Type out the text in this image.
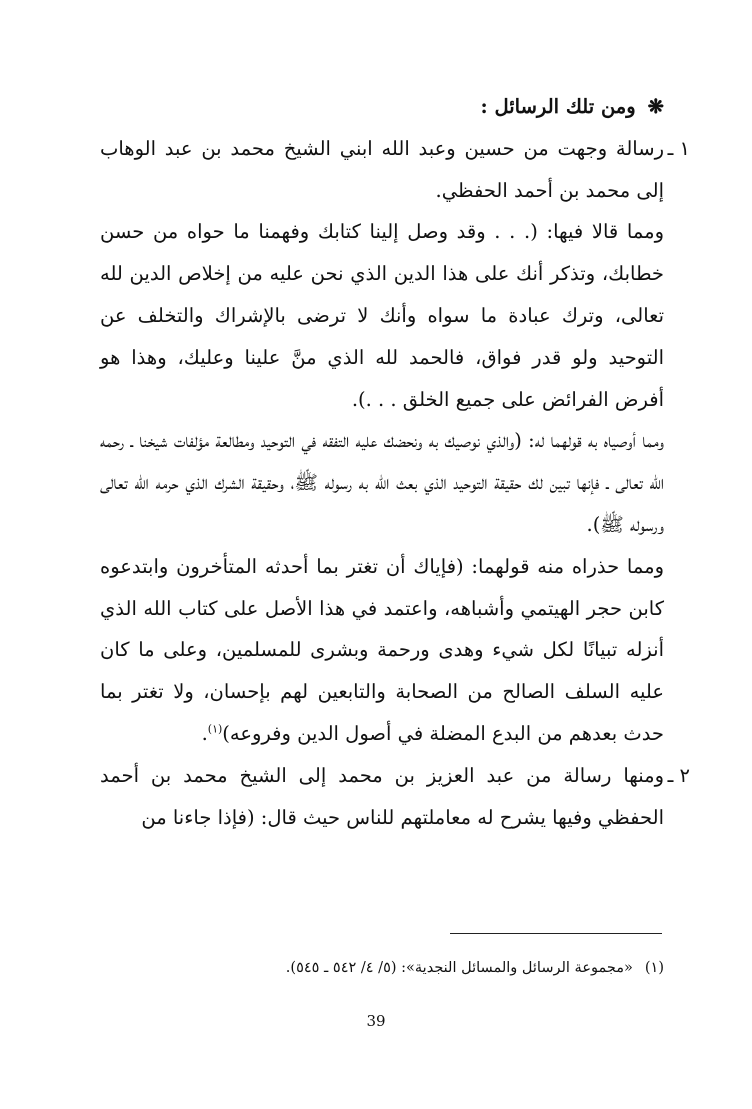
❋ومن تلك الرسائل :

١ ـرسالة وجهت من حسين وعبد الله ابني الشيخ محمد بن عبد الوهاب إلى محمد بن أحمد الحفظي.

ومما قالا فيها: (. . . وقد وصل إلينا كتابك وفهمنا ما حواه من حسن خطابك، وتذكر أنك على هذا الدين الذي نحن عليه من إخلاص الدين لله تعالى، وترك عبادة ما سواه وأنك لا ترضى بالإشراك والتخلف عن التوحيد ولو قدر فواق، فالحمد لله الذي منَّ علينا وعليك، وهذا هو أفرض الفرائض على جميع الخلق . . .).

ومما أوصياه به قولهما له: (والذي نوصيك به ونحضك عليه التفقه في التوحيد ومطالعة مؤلفات شيخنا ـ رحمه الله تعالى ـ فإنها تبين لك حقيقة التوحيد الذي بعث الله به رسوله ﷺ، وحقيقة الشرك الذي حرمه الله تعالى ورسوله ﷺ).

ومما حذراه منه قولهما: (فإياك أن تغتر بما أحدثه المتأخرون وابتدعوه كابن حجر الهيتمي وأشباهه، واعتمد في هذا الأصل على كتاب الله الذي أنزله تبيانًا لكل شيء وهدى ورحمة وبشرى للمسلمين، وعلى ما كان عليه السلف الصالح من الصحابة والتابعين لهم بإحسان، ولا تغتر بما حدث بعدهم من البدع المضلة في أصول الدين وفروعه)$^{(١)}$.

٢ ـومنها رسالة من عبد العزيز بن محمد إلى الشيخ محمد بن أحمد الحفظي وفيها يشرح له معاملتهم للناس حيث قال: (فإذا جاءنا من

(١)«مجموعة الرسائل والمسائل النجدية»: (٥/ ٤/ ٥٤٢ ـ ٥٤٥).
39
